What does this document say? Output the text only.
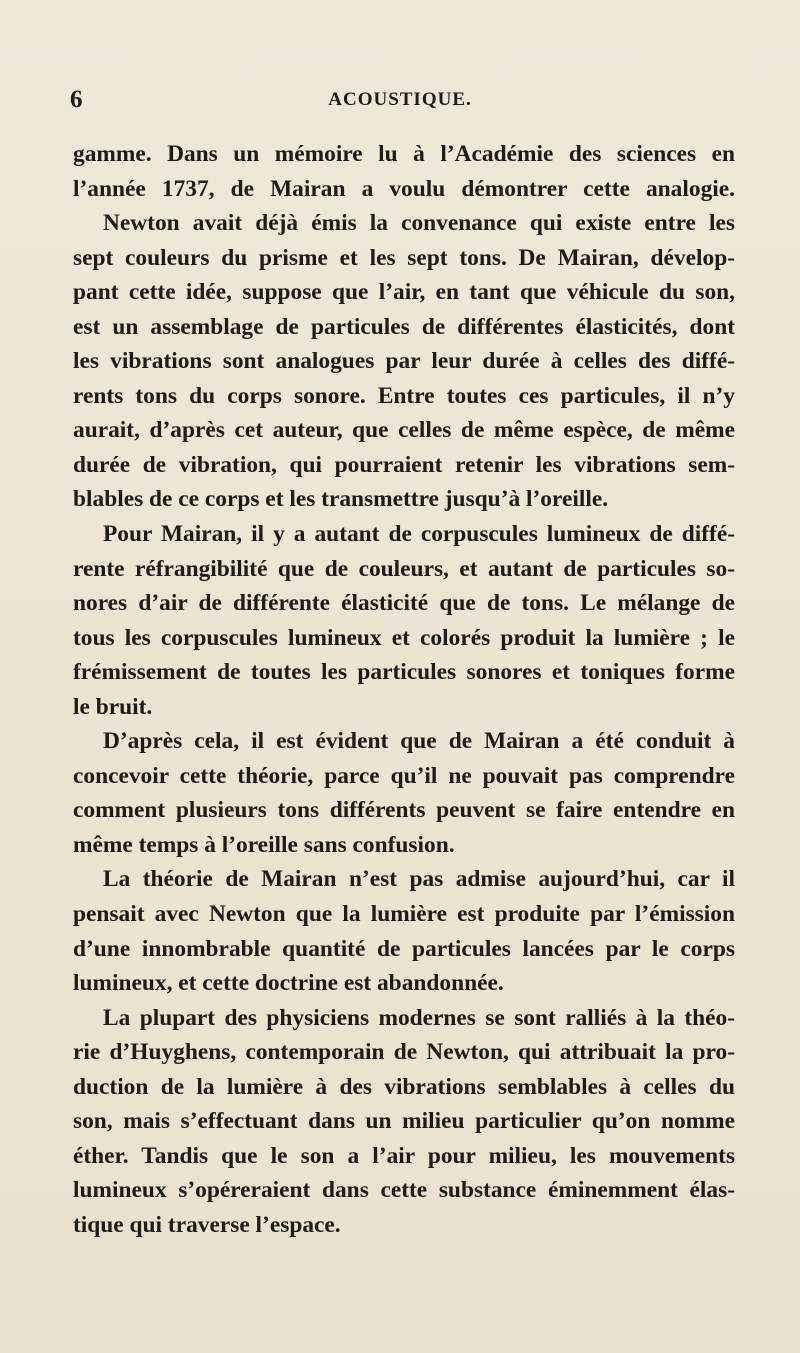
6	ACOUSTIQUE.
gamme. Dans un mémoire lu à l’Académie des sciences en
l’année 1737, de Mairan a voulu démontrer cette analogie.
Newton avait déjà émis la convenance qui existe entre les
sept couleurs du prisme et les sept tons. De Mairan, dévelop-
pant cette idée, suppose que l’air, en tant que véhicule du son,
est un assemblage de particules de différentes élasticités, dont
les vibrations sont analogues par leur durée à celles des diffé-
rents tons du corps sonore. Entre toutes ces particules, il n’y
aurait, d’après cet auteur, que celles de même espèce, de même
durée de vibration, qui pourraient retenir les vibrations sem-
blables de ce corps et les transmettre jusqu’à l’oreille.
Pour Mairan, il y a autant de corpuscules lumineux de diffé-
rente réfrangibilité que de couleurs, et autant de particules so-
nores d’air de différente élasticité que de tons. Le mélange de
tous les corpuscules lumineux et colorés produit la lumière ; le
frémissement de toutes les particules sonores et toniques forme
le bruit.
D’après cela, il est évident que de Mairan a été conduit à
concevoir cette théorie, parce qu’il ne pouvait pas comprendre
comment plusieurs tons différents peuvent se faire entendre en
même temps à l’oreille sans confusion.
La théorie de Mairan n’est pas admise aujourd’hui, car il
pensait avec Newton que la lumière est produite par l’émission
d’une innombrable quantité de particules lancées par le corps
lumineux, et cette doctrine est abandonnée.
La plupart des physiciens modernes se sont ralliés à la théo-
rie d’Huyghens, contemporain de Newton, qui attribuait la pro-
duction de la lumière à des vibrations semblables à celles du
son, mais s’effectuant dans un milieu particulier qu’on nomme
éther. Tandis que le son a l’air pour milieu, les mouvements
lumineux s’opéreraient dans cette substance éminemment élas-
tique qui traverse l’espace.
